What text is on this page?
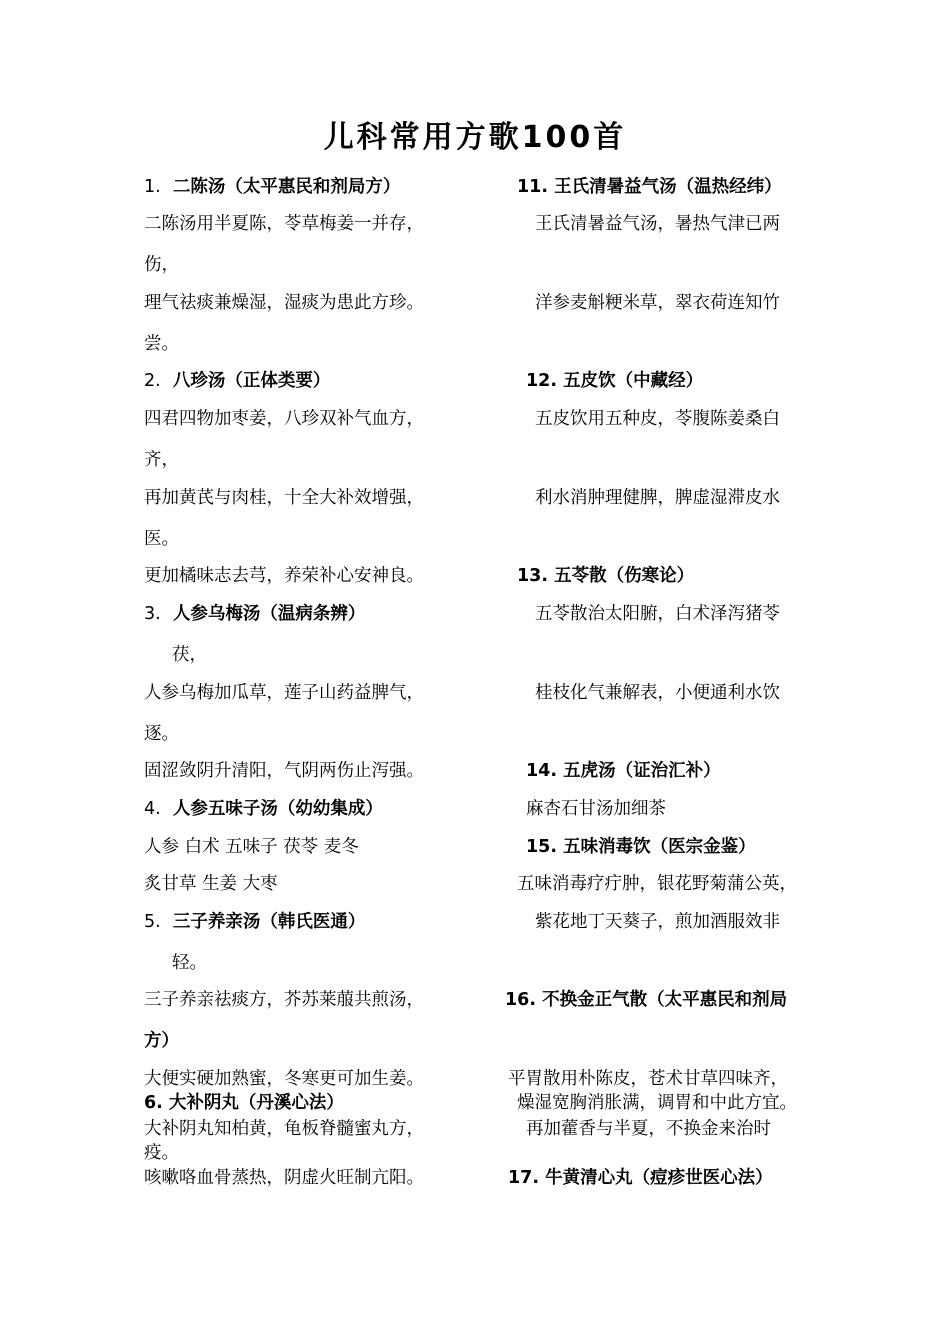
儿科常用方歌100首
1. 二陈汤（太平惠民和剂局方）
二陈汤用半夏陈，苓草梅姜一并存，
伤，
理气祛痰兼燥湿，湿痰为患此方珍。
尝。
2. 八珍汤（正体类要）
四君四物加枣姜，八珍双补气血方，
齐，
再加黄芪与肉桂，十全大补效增强，
医。
更加橘味志去芎，养荣补心安神良。
3. 人参乌梅汤（温病条辨）
茯，
人参乌梅加瓜草，莲子山药益脾气，
逐。
固涩敛阴升清阳，气阴两伤止泻强。
4. 人参五味子汤（幼幼集成）
人参 白术 五味子 茯苓 麦冬
炙甘草 生姜 大枣
5. 三子养亲汤（韩氏医通）
轻。
三子养亲祛痰方，芥苏莱菔共煎汤，
方）
大便实硬加熟蜜，冬寒更可加生姜。
6. 大补阴丸（丹溪心法）
大补阴丸知柏黄，龟板脊髓蜜丸方，
疫。
咳嗽咯血骨蒸热，阴虚火旺制亢阳。
11. 王氏清暑益气汤（温热经纬）
王氏清暑益气汤，暑热气津已两
洋参麦斛粳米草，翠衣荷连知竹
12. 五皮饮（中藏经）
五皮饮用五种皮，苓腹陈姜桑白
利水消肿理健脾，脾虚湿滞皮水
13. 五苓散（伤寒论）
五苓散治太阳腑，白术泽泻猪苓
桂枝化气兼解表，小便通利水饮
14. 五虎汤（证治汇补）
麻杏石甘汤加细茶
15. 五味消毒饮（医宗金鉴）
五味消毒疗疔肿，银花野菊蒲公英，
紫花地丁天葵子，煎加酒服效非
16. 不换金正气散（太平惠民和剂局
平胃散用朴陈皮，苍术甘草四味齐，
燥湿宽胸消胀满，调胃和中此方宜。
再加藿香与半夏，不换金来治时
17. 牛黄清心丸（痘疹世医心法）
